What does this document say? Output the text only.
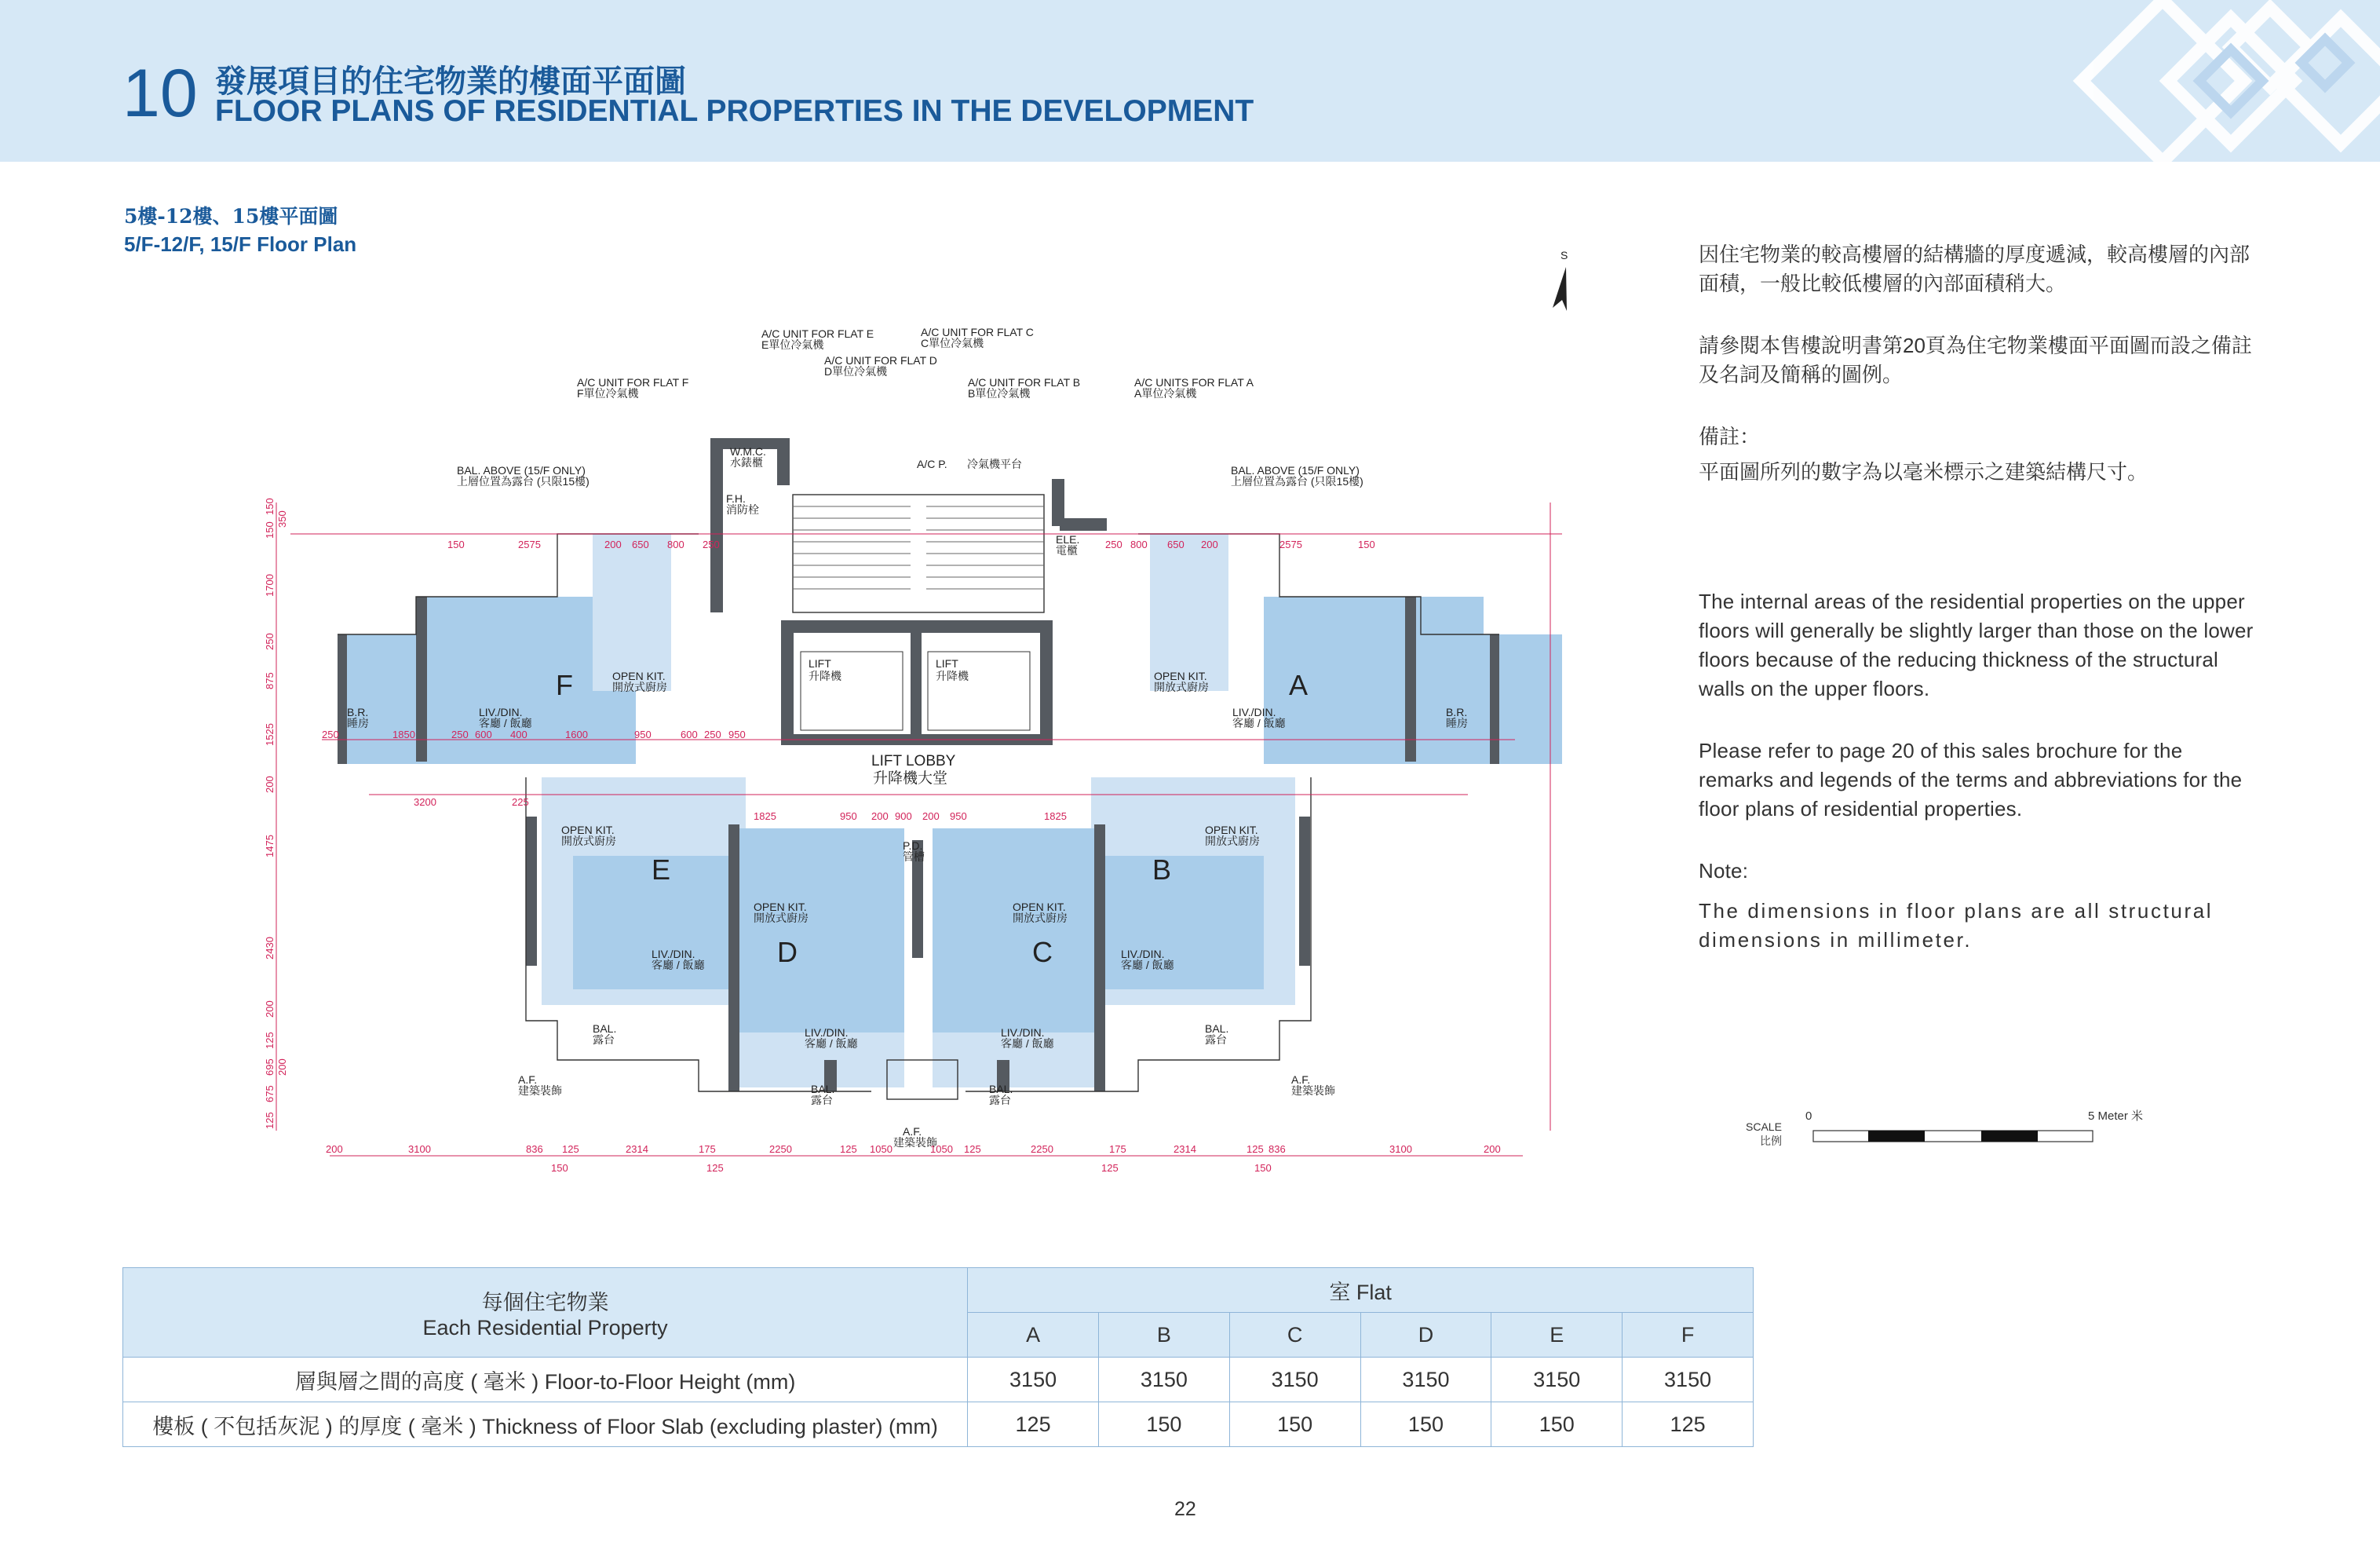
10 發展項目的住宅物業的樓面平面圖
FLOOR PLANS OF RESIDENTIAL PROPERTIES IN THE DEVELOPMENT
5樓-12樓、15樓平面圖
5/F-12/F, 15/F Floor Plan	S
F	A
E	B
D	C
LIFT
升降機
LIFT
升降機
LIFT LOBBY
升降機大堂
B.R.
睡房
B.R.
睡房
LIV./DIN.
客廳 / 飯廳
LIV./DIN.
客廳 / 飯廳
OPEN KIT.
開放式廚房
OPEN KIT.
開放式廚房
OPEN KIT.
開放式廚房
OPEN KIT.
開放式廚房
LIV./DIN.
客廳 / 飯廳
LIV./DIN.
客廳 / 飯廳
OPEN KIT.
開放式廚房
OPEN KIT.
開放式廚房
LIV./DIN.
客廳 / 飯廳
LIV./DIN.
客廳 / 飯廳
BAL.
露台
BAL.
露台
BAL.
露台
BAL.
露台
A.F.
建築裝飾
A.F.
建築裝飾
A.F.
建築裝飾
W.M.C.
水錶櫃
F.H.
消防栓
ELE.
電櫃
P.D.
管槽
A/C P. 冷氣機平台
A/C UNIT FOR FLAT E
E單位冷氣機
A/C UNIT FOR FLAT C
C單位冷氣機
A/C UNIT FOR FLAT D
D單位冷氣機
A/C UNIT FOR FLAT B
B單位冷氣機
A/C UNIT FOR FLAT F
F單位冷氣機
A/C UNITS FOR FLAT A
A單位冷氣機
BAL. ABOVE (15/F ONLY)
上層位置為露台 (只限15樓)
BAL. ABOVE (15/F ONLY)
上層位置為露台 (只限15樓)
150	2575	200 650 800 250	250 800 650 200	2575	150
200	3100	836 125	2314	175	2250	125 1050	1050 125	2250	175	2314	125 836	3100	200
150	125	125	150
150
150
350
1700
250
875
1525
200
1475
2430
200
125
695 200
125
675
250	1850	250 600 400	1600	950	600 250 950
3200	225
1825	950 200 900 200 950	1825

因住宅物業的較高樓層的結構牆的厚度遞減，較高樓層的內部面積，一般比較低樓層的內部面積稍大。

請參閱本售樓說明書第20頁為住宅物業樓面平面圖而設之備註及名詞及簡稱的圖例。

備註：

平面圖所列的數字為以毫米標示之建築結構尺寸。

The internal areas of the residential properties on the upper floors will generally be slightly larger than those on the lower floors because of the reducing thickness of the structural walls on the upper floors.

Please refer to page 20 of this sales brochure for the remarks and legends of the terms and abbreviations for the floor plans of residential properties.

Note:

The dimensions in floor plans are all structural dimensions in millimeter.

SCALE
比例
0	5 Meter 米
每個住宅物業
Each Residential Property	室 Flat					
	A	B	C	D	E	F
層與層之間的高度 ( 毫米 ) Floor-to-Floor Height (mm)	3150	3150	3150	3150	3150	3150
樓板 ( 不包括灰泥 ) 的厚度 ( 毫米 ) Thickness of Floor Slab (excluding plaster) (mm)	125	150	150	150	150	125
22
